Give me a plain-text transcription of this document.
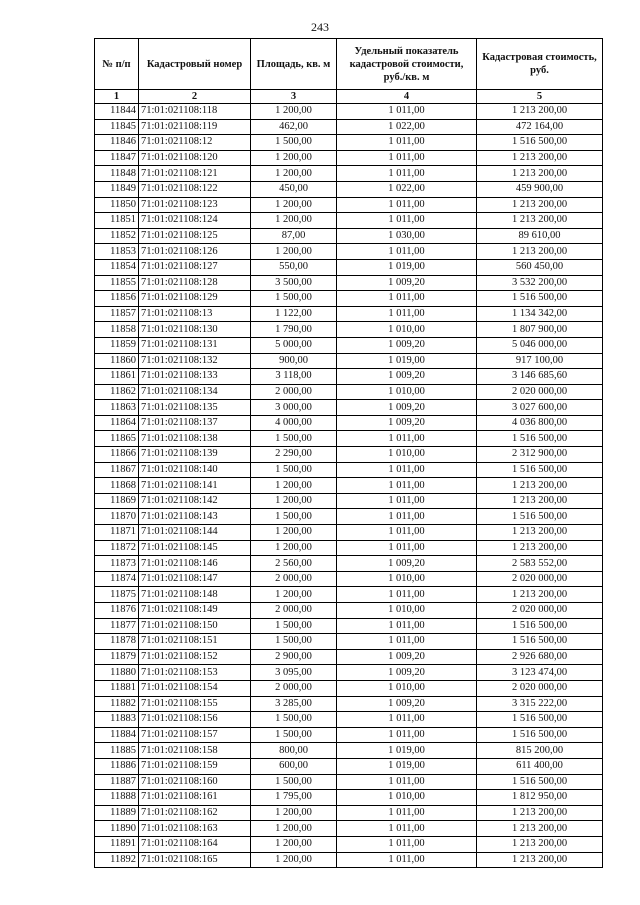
243
№ п/п	Кадастровый номер	Площадь, кв. м	Удельный показатель кадастровой стоимости, руб./кв. м	Кадастровая стоимость, руб.
1	2	3	4	5
11844	71:01:021108:118	1 200,00	1 011,00	1 213 200,00
11845	71:01:021108:119	462,00	1 022,00	472 164,00
11846	71:01:021108:12	1 500,00	1 011,00	1 516 500,00
11847	71:01:021108:120	1 200,00	1 011,00	1 213 200,00
11848	71:01:021108:121	1 200,00	1 011,00	1 213 200,00
11849	71:01:021108:122	450,00	1 022,00	459 900,00
11850	71:01:021108:123	1 200,00	1 011,00	1 213 200,00
11851	71:01:021108:124	1 200,00	1 011,00	1 213 200,00
11852	71:01:021108:125	87,00	1 030,00	89 610,00
11853	71:01:021108:126	1 200,00	1 011,00	1 213 200,00
11854	71:01:021108:127	550,00	1 019,00	560 450,00
11855	71:01:021108:128	3 500,00	1 009,20	3 532 200,00
11856	71:01:021108:129	1 500,00	1 011,00	1 516 500,00
11857	71:01:021108:13	1 122,00	1 011,00	1 134 342,00
11858	71:01:021108:130	1 790,00	1 010,00	1 807 900,00
11859	71:01:021108:131	5 000,00	1 009,20	5 046 000,00
11860	71:01:021108:132	900,00	1 019,00	917 100,00
11861	71:01:021108:133	3 118,00	1 009,20	3 146 685,60
11862	71:01:021108:134	2 000,00	1 010,00	2 020 000,00
11863	71:01:021108:135	3 000,00	1 009,20	3 027 600,00
11864	71:01:021108:137	4 000,00	1 009,20	4 036 800,00
11865	71:01:021108:138	1 500,00	1 011,00	1 516 500,00
11866	71:01:021108:139	2 290,00	1 010,00	2 312 900,00
11867	71:01:021108:140	1 500,00	1 011,00	1 516 500,00
11868	71:01:021108:141	1 200,00	1 011,00	1 213 200,00
11869	71:01:021108:142	1 200,00	1 011,00	1 213 200,00
11870	71:01:021108:143	1 500,00	1 011,00	1 516 500,00
11871	71:01:021108:144	1 200,00	1 011,00	1 213 200,00
11872	71:01:021108:145	1 200,00	1 011,00	1 213 200,00
11873	71:01:021108:146	2 560,00	1 009,20	2 583 552,00
11874	71:01:021108:147	2 000,00	1 010,00	2 020 000,00
11875	71:01:021108:148	1 200,00	1 011,00	1 213 200,00
11876	71:01:021108:149	2 000,00	1 010,00	2 020 000,00
11877	71:01:021108:150	1 500,00	1 011,00	1 516 500,00
11878	71:01:021108:151	1 500,00	1 011,00	1 516 500,00
11879	71:01:021108:152	2 900,00	1 009,20	2 926 680,00
11880	71:01:021108:153	3 095,00	1 009,20	3 123 474,00
11881	71:01:021108:154	2 000,00	1 010,00	2 020 000,00
11882	71:01:021108:155	3 285,00	1 009,20	3 315 222,00
11883	71:01:021108:156	1 500,00	1 011,00	1 516 500,00
11884	71:01:021108:157	1 500,00	1 011,00	1 516 500,00
11885	71:01:021108:158	800,00	1 019,00	815 200,00
11886	71:01:021108:159	600,00	1 019,00	611 400,00
11887	71:01:021108:160	1 500,00	1 011,00	1 516 500,00
11888	71:01:021108:161	1 795,00	1 010,00	1 812 950,00
11889	71:01:021108:162	1 200,00	1 011,00	1 213 200,00
11890	71:01:021108:163	1 200,00	1 011,00	1 213 200,00
11891	71:01:021108:164	1 200,00	1 011,00	1 213 200,00
11892	71:01:021108:165	1 200,00	1 011,00	1 213 200,00
